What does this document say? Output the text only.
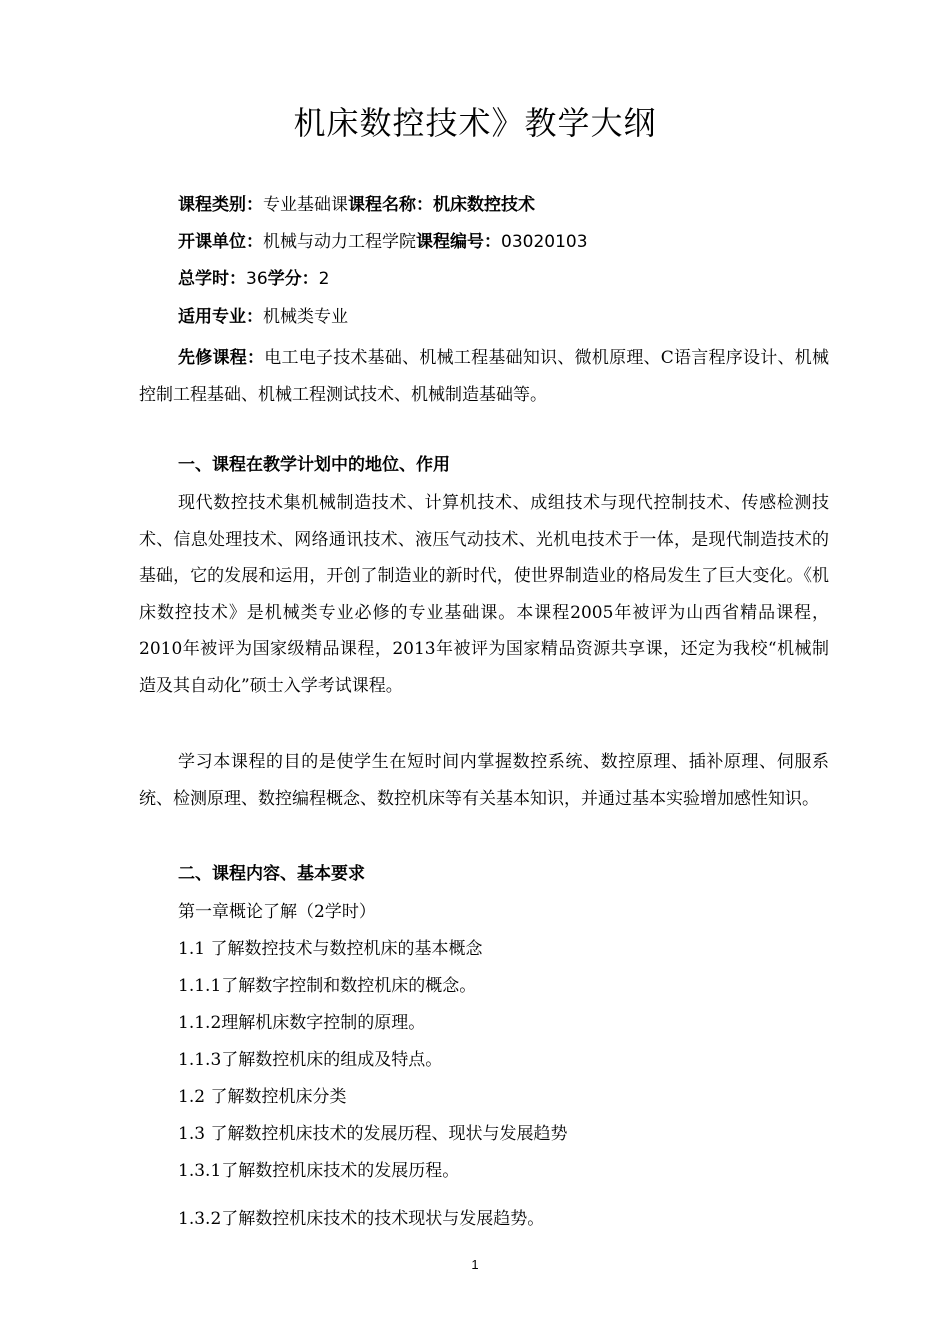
机床数控技术》教学大纲
课程类别：专业基础课课程名称：机床数控技术
开课单位：机械与动力工程学院课程编号：03020103
总学时：36学分：2
适用专业：机械类专业

先修课程：电工电子技术基础、机械工程基础知识、微机原理、C语言程序设计、机械控制工程基础、机械工程测试技术、机械制造基础等。

一、课程在教学计划中的地位、作用

现代数控技术集机械制造技术、计算机技术、成组技术与现代控制技术、传感检测技术、信息处理技术、网络通讯技术、液压气动技术、光机电技术于一体，是现代制造技术的基础，它的发展和运用，开创了制造业的新时代，使世界制造业的格局发生了巨大变化。《机床数控技术》是机械类专业必修的专业基础课。本课程2005年被评为山西省精品课程，2010年被评为国家级精品课程，2013年被评为国家精品资源共享课，还定为我校“机械制造及其自动化”硕士入学考试课程。

学习本课程的目的是使学生在短时间内掌握数控系统、数控原理、插补原理、伺服系统、检测原理、数控编程概念、数控机床等有关基本知识，并通过基本实验增加感性知识。

二、课程内容、基本要求

第一章概论了解（2学时）

1.1 了解数控技术与数控机床的基本概念

1.1.1了解数字控制和数控机床的概念。

1.1.2理解机床数字控制的原理。

1.1.3了解数控机床的组成及特点。

1.2 了解数控机床分类

1.3 了解数控机床技术的发展历程、现状与发展趋势

1.3.1了解数控机床技术的发展历程。

1.3.2了解数控机床技术的技术现状与发展趋势。

1
